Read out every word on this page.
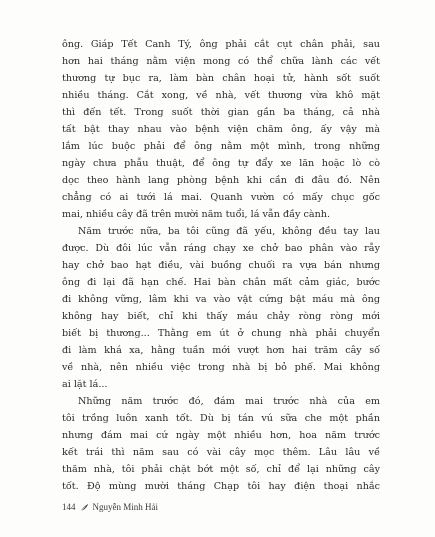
ông. Giáp Tết Canh Tý, ông phải cắt cụt chân phải, sau
hơn hai tháng nằm viện mong có thể chữa lành các vết
thương tự bục ra, làm bàn chân hoại tử, hành sốt suốt
nhiều tháng. Cắt xong, về nhà, vết thương vừa khô mặt
thì đến tết. Trong suốt thời gian gần ba tháng, cả nhà
tất bật thay nhau vào bệnh viện chăm ông, ấy vậy mà
lắm lúc buộc phải để ông nằm một mình, trong những
ngày chưa phẫu thuật, để ông tự đẩy xe lăn hoặc lò cò
dọc theo hành lang phòng bệnh khi cần đi đâu đó. Nên
chẳng có ai tưới lá mai. Quanh vườn có mấy chục gốc
mai, nhiều cây đã trên mười năm tuổi, lá vẫn đầy cành.
Năm trước nữa, ba tôi cũng đã yếu, không đều tay lau
được. Dù đôi lúc vẫn ráng chạy xe chở bao phân vào rẫy
hay chở bao hạt điều, vài buồng chuối ra vựa bán nhưng
ông đi lại đã hạn chế. Hai bàn chân mất cảm giác, bước
đi không vững, lâm khi va vào vật cứng bật máu mà ông
không hay biết, chỉ khi thấy máu chảy ròng ròng mới
biết bị thương... Thằng em út ở chung nhà phải chuyển
đi làm khá xa, hằng tuần mới vượt hơn hai trăm cây số
về nhà, nên nhiều việc trong nhà bị bỏ phế. Mai không
ai lặt lá...
Những năm trước đó, đám mai trước nhà của em
tôi trồng luôn xanh tốt. Dù bị tán vú sữa che một phần
nhưng đám mai cứ ngày một nhiều hơn, hoa năm trước
kết trái thì năm sau có vài cây mọc thêm. Lâu lâu về
thăm nhà, tôi phải chặt bớt một số, chỉ để lại những cây
tốt. Độ mùng mười tháng Chạp tôi hay điện thoại nhắc
144 Nguyễn Minh Hải
